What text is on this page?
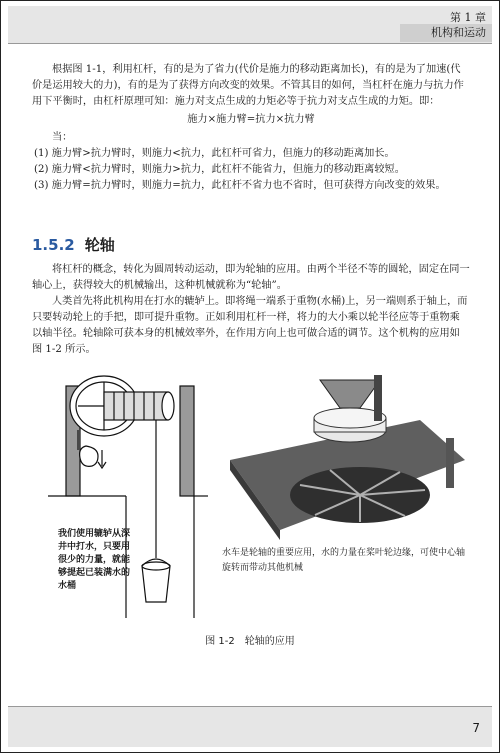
第 1 章
机构和运动

根据图 1-1，利用杠杆，有的是为了省力(代价是施力的移动距离加长)，有的是为了加速(代价是运用较大的力)，有的是为了获得方向改变的效果。不管其目的如何，当杠杆在施力与抗力作用下平衡时，由杠杆原理可知：施力对支点生成的力矩必等于抗力对支点生成的力矩。即：

施力×施力臂=抗力×抗力臂

当：

(1) 施力臂>抗力臂时，则施力<抗力，此杠杆可省力，但施力的移动距离加长。

(2) 施力臂<抗力臂时，则施力>抗力，此杠杆不能省力，但施力的移动距离较短。

(3) 施力臂=抗力臂时，则施力=抗力，此杠杆不省力也不省时，但可获得方向改变的效果。

1.5.2 轮轴

将杠杆的概念，转化为圆周转动运动，即为轮轴的应用。由两个半径不等的圆轮，固定在同一轴心上，获得较大的机械输出，这种机械就称为“轮轴”。

人类首先将此机构用在打水的辘轳上。即将绳一端系于重物(水桶)上，另一端则系于轴上，而只要转动轮上的手把，即可提升重物。正如利用杠杆一样，将力的大小乘以轮半径应等于重物乘以轴半径。轮轴除可获本身的机械效率外，在作用方向上也可做合适的调节。这个机构的应用如图 1-2 所示。

我们使用辘轳从深井中打水，只要用很少的力量，就能够提起已装满水的水桶
水车是轮轴的重要应用，水的力量在桨叶轮边缘，可使中心轴旋转而带动其他机械
图 1-2　轮轴的应用
7
